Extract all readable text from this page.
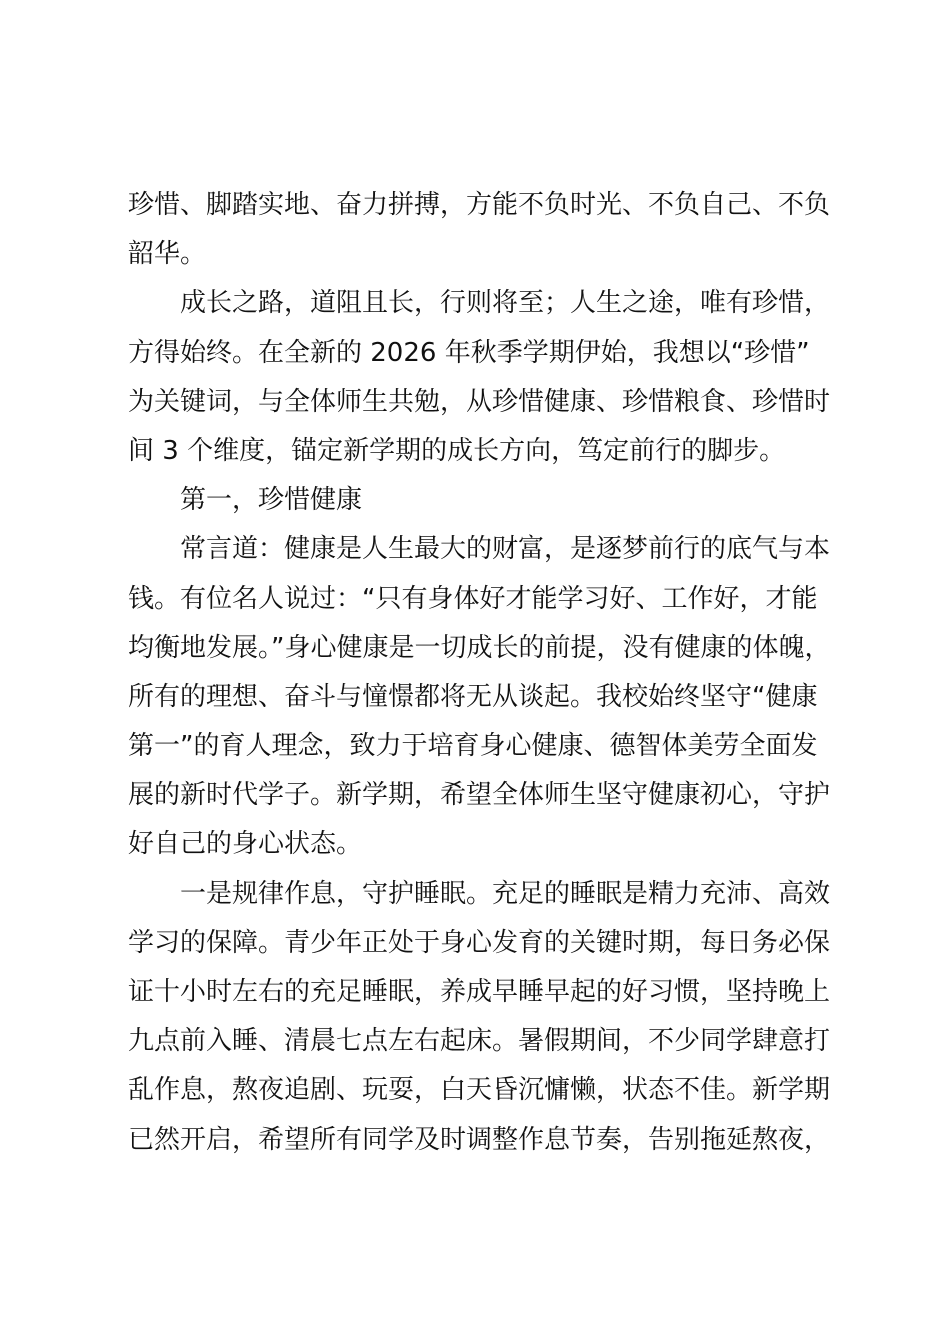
珍惜、脚踏实地、奋力拼搏，方能不负时光、不负自己、不负
韶华。
成长之路，道阻且长，行则将至；人生之途，唯有珍惜，
方得始终。在全新的 2026 年秋季学期伊始，我想以“珍惜”
为关键词，与全体师生共勉，从珍惜健康、珍惜粮食、珍惜时
间 3 个维度，锚定新学期的成长方向，笃定前行的脚步。
第一，珍惜健康
常言道：健康是人生最大的财富，是逐梦前行的底气与本
钱。有位名人说过：“只有身体好才能学习好、工作好，才能
均衡地发展。”身心健康是一切成长的前提，没有健康的体魄，
所有的理想、奋斗与憧憬都将无从谈起。我校始终坚守“健康
第一”的育人理念，致力于培育身心健康、德智体美劳全面发
展的新时代学子。新学期，希望全体师生坚守健康初心，守护
好自己的身心状态。
一是规律作息，守护睡眠。充足的睡眠是精力充沛、高效
学习的保障。青少年正处于身心发育的关键时期，每日务必保
证十小时左右的充足睡眠，养成早睡早起的好习惯，坚持晚上
九点前入睡、清晨七点左右起床。暑假期间，不少同学肆意打
乱作息，熬夜追剧、玩耍，白天昏沉慵懒，状态不佳。新学期
已然开启，希望所有同学及时调整作息节奏，告别拖延熬夜，
